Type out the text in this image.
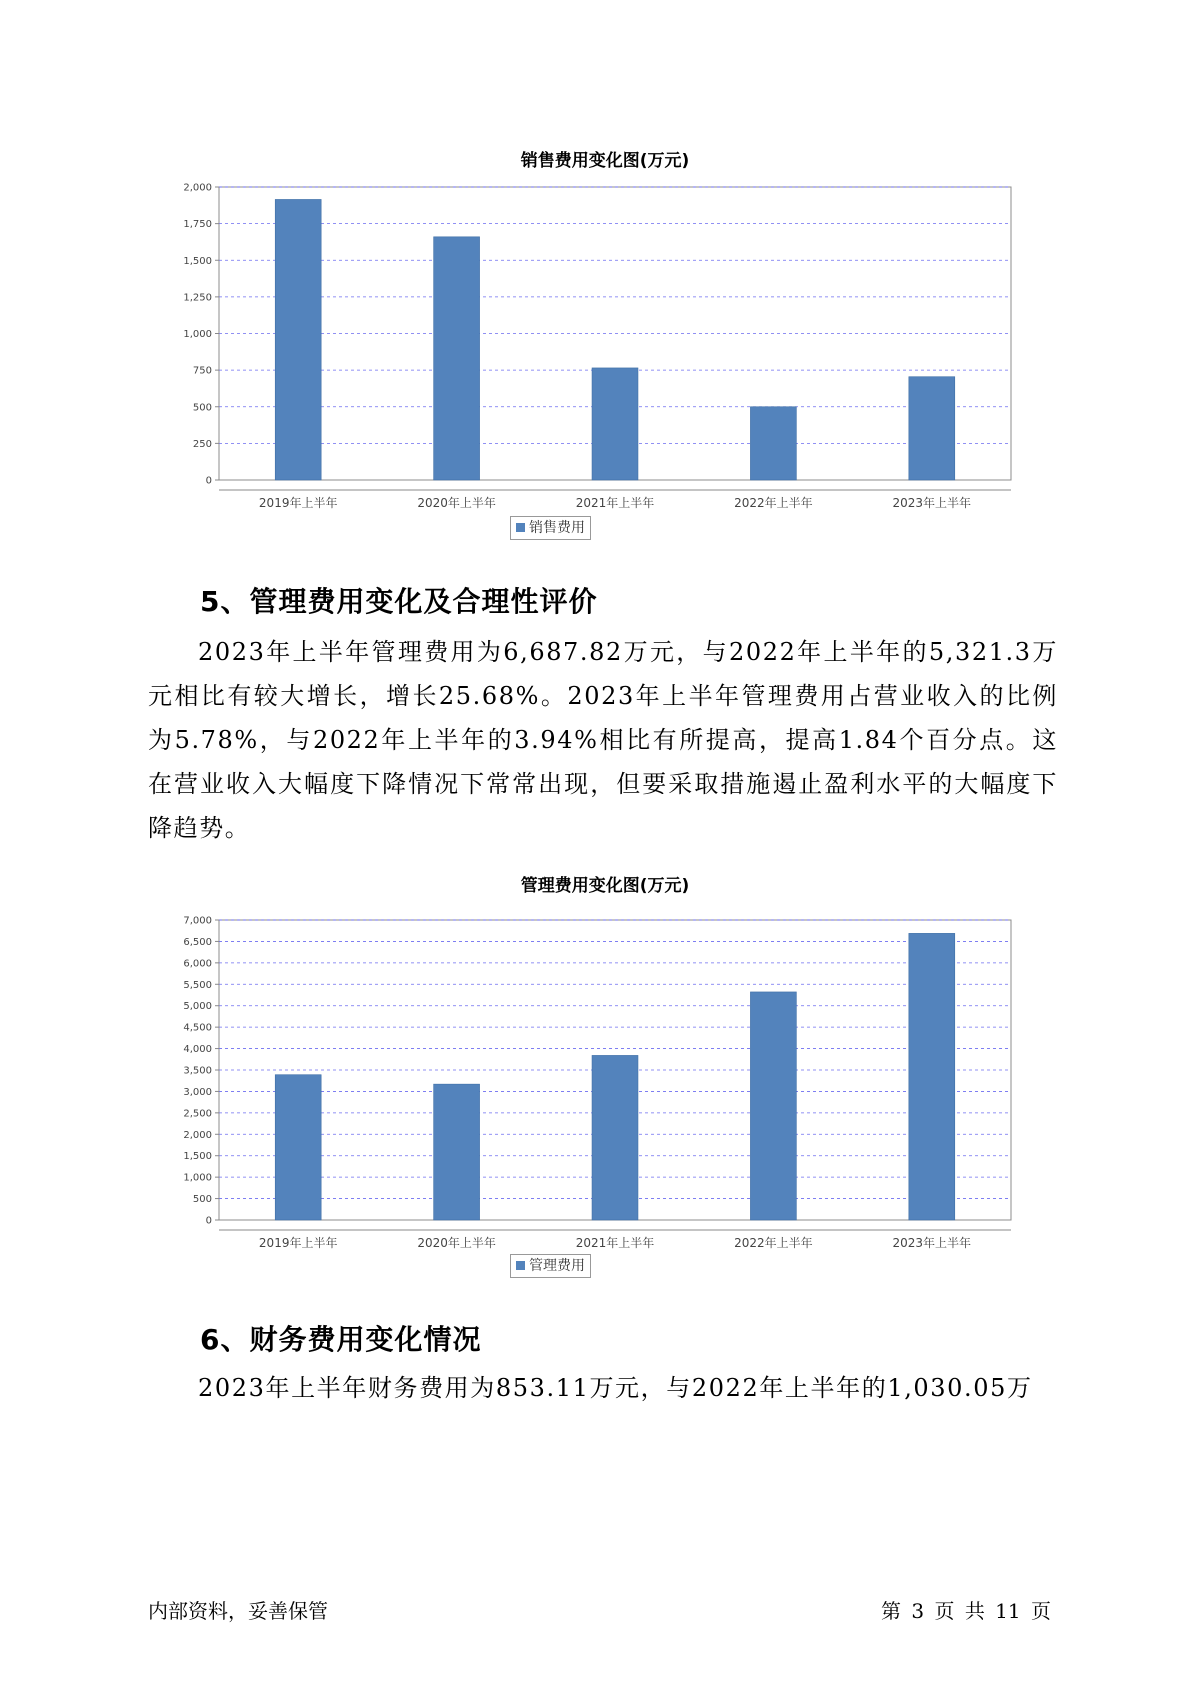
销售费用变化图(万元)
0
250
500
750
1,000
1,250
1,500
1,750
2,000
2019年上半年	2020年上半年	2021年上半年	2022年上半年	2023年上半年
销售费用
5、管理费用变化及合理性评价
2023年上半年管理费用为6,687.82万元，与2022年上半年的5,321.3万元相比有较大增长，增长25.68%。2023年上半年管理费用占营业收入的比例为5.78%，与2022年上半年的3.94%相比有所提高，提高1.84个百分点。这在营业收入大幅度下降情况下常常出现，但要采取措施遏止盈利水平的大幅度下降趋势。
管理费用变化图(万元)
0
500
1,000
1,500
2,000
2,500
3,000
3,500
4,000
4,500
5,000
5,500
6,000
6,500
7,000
2019年上半年	2020年上半年	2021年上半年	2022年上半年	2023年上半年
管理费用
6、财务费用变化情况
2023年上半年财务费用为853.11万元，与2022年上半年的1,030.05万
内部资料，妥善保管	第 3 页 共 11 页
